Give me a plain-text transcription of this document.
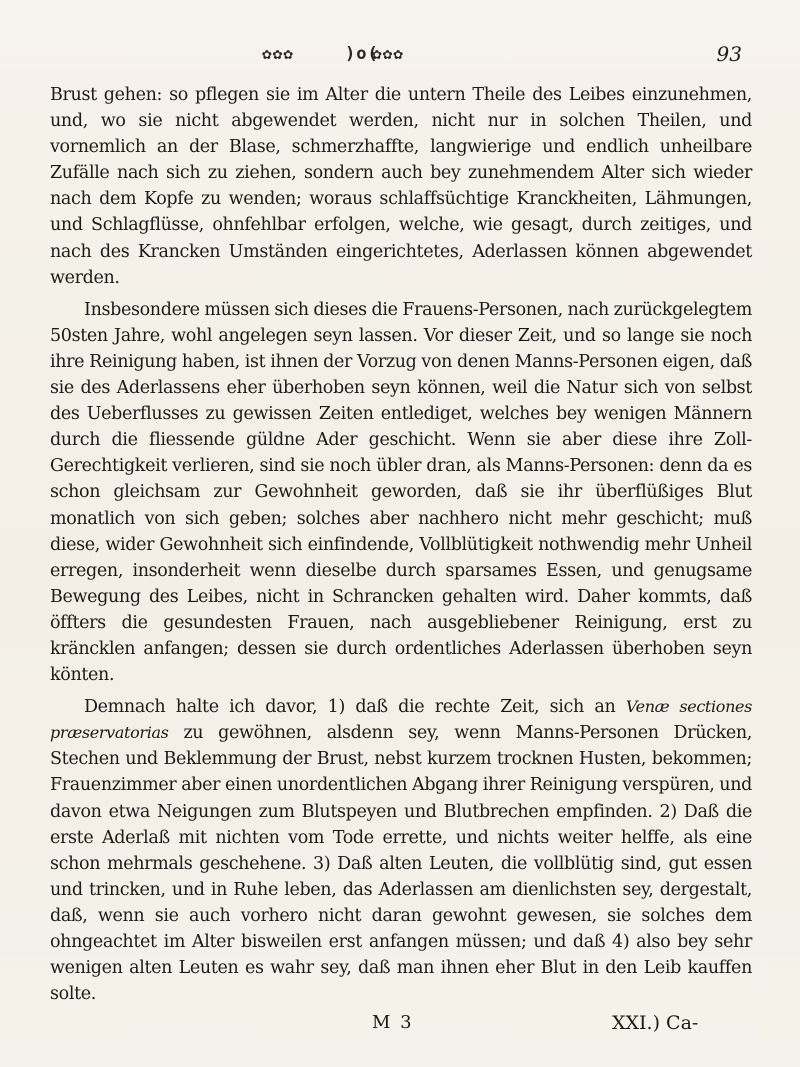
✿✿✿	)o(
✿✿✿	93

Brust gehen: so pflegen sie im Alter die untern Theile des Leibes einzunehmen, und, wo sie nicht abgewendet werden, nicht nur in solchen Theilen, und vornemlich an der Blase, schmerzhaffte, langwierige und endlich unheilbare Zufälle nach sich zu ziehen, sondern auch bey zunehmendem Alter sich wieder nach dem Kopfe zu wenden; woraus schlaffsüchtige Kranckheiten, Lähmungen, und Schlagflüsse, ohnfehlbar erfolgen, welche, wie gesagt, durch zeitiges, und nach des Krancken Umständen eingerichtetes, Aderlassen können abgewendet werden.

Insbesondere müssen sich dieses die Frauens-Personen, nach zurückgelegtem 50sten Jahre, wohl angelegen seyn lassen. Vor dieser Zeit, und so lange sie noch ihre Reinigung haben, ist ihnen der Vorzug von denen Manns-Personen eigen, daß sie des Aderlassens eher überhoben seyn können, weil die Natur sich von selbst des Ueberflusses zu gewissen Zeiten entlediget, welches bey wenigen Männern durch die fliessende güldne Ader geschicht. Wenn sie aber diese ihre Zoll-Gerechtigkeit verlieren, sind sie noch übler dran, als Manns-Personen: denn da es schon gleichsam zur Gewohnheit geworden, daß sie ihr überflüßiges Blut monatlich von sich geben; solches aber nachhero nicht mehr geschicht; muß diese, wider Gewohnheit sich einfindende, Vollblütigkeit nothwendig mehr Unheil erregen, insonderheit wenn dieselbe durch sparsames Essen, und genugsame Bewegung des Leibes, nicht in Schrancken gehalten wird. Daher kommts, daß öffters die gesundesten Frauen, nach ausgebliebener Reinigung, erst zu kräncklen anfangen; dessen sie durch ordentliches Aderlassen überhoben seyn könten.

Demnach halte ich davor, 1) daß die rechte Zeit, sich an Venæ sectiones præservatorias zu gewöhnen, alsdenn sey, wenn Manns-Personen Drücken, Stechen und Beklemmung der Brust, nebst kurzem trocknen Husten, bekommen; Frauenzimmer aber einen unordentlichen Abgang ihrer Reinigung verspüren, und davon etwa Neigungen zum Blutspeyen und Blutbrechen empfinden. 2) Daß die erste Aderlaß mit nichten vom Tode errette, und nichts weiter helffe, als eine schon mehrmals geschehene. 3) Daß alten Leuten, die vollblütig sind, gut essen und trincken, und in Ruhe leben, das Aderlassen am dienlichsten sey, dergestalt, daß, wenn sie auch vorhero nicht daran gewohnt gewesen, sie solches dem ohngeachtet im Alter bisweilen erst anfangen müssen; und daß 4) also bey sehr wenigen alten Leuten es wahr sey, daß man ihnen eher Blut in den Leib kauffen solte.

M 3	XXI.) Ca-
